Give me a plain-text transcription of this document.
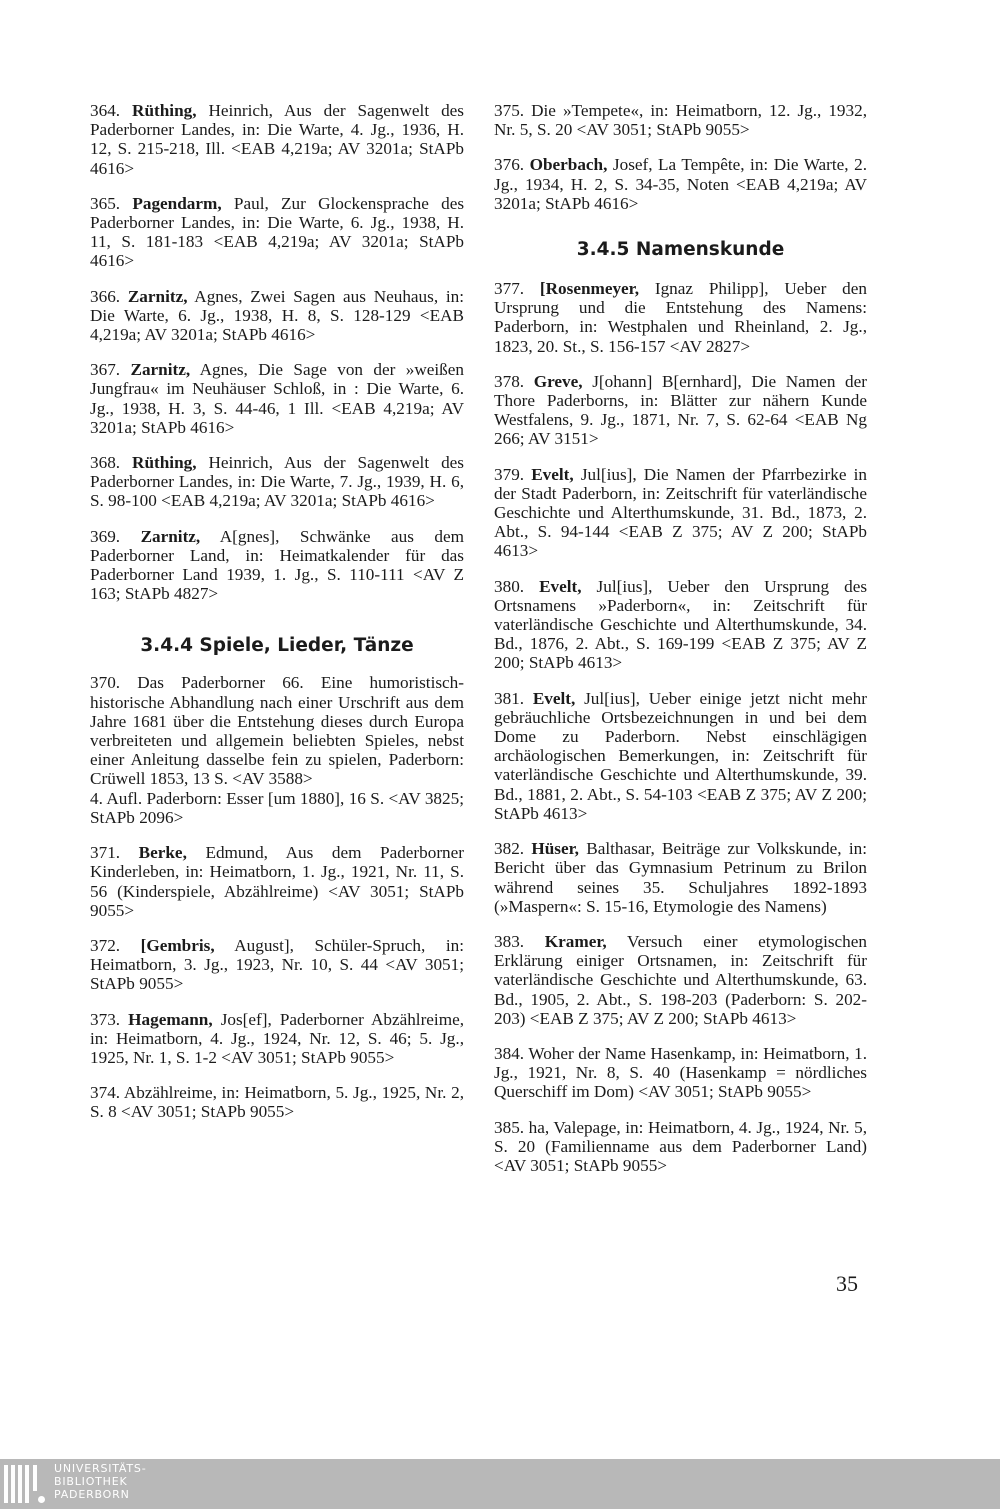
364. Rüthing, Heinrich, Aus der Sagenwelt des Paderborner Landes, in: Die Warte, 4. Jg., 1936, H. 12, S. 215-218, Ill. <EAB 4,219a; AV 3201a; StAPb 4616>

365. Pagendarm, Paul, Zur Glockensprache des Paderborner Landes, in: Die Warte, 6. Jg., 1938, H. 11, S. 181-183 <EAB 4,219a; AV 3201a; StAPb 4616>

366. Zarnitz, Agnes, Zwei Sagen aus Neuhaus, in: Die Warte, 6. Jg., 1938, H. 8, S. 128-129 <EAB 4,219a; AV 3201a; StAPb 4616>

367. Zarnitz, Agnes, Die Sage von der »weißen Jungfrau« im Neuhäuser Schloß, in : Die Warte, 6. Jg., 1938, H. 3, S. 44-46, 1 Ill. <EAB 4,219a; AV 3201a; StAPb 4616>

368. Rüthing, Heinrich, Aus der Sagenwelt des Paderborner Landes, in: Die Warte, 7. Jg., 1939, H. 6, S. 98-100 <EAB 4,219a; AV 3201a; StAPb 4616>

369. Zarnitz, A[gnes], Schwänke aus dem Paderborner Land, in: Heimatkalender für das Paderborner Land 1939, 1. Jg., S. 110-111 <AV Z 163; StAPb 4827>

3.4.4 Spiele, Lieder, Tänze

370. Das Paderborner 66. Eine humoristisch-historische Abhandlung nach einer Urschrift aus dem Jahre 1681 über die Entstehung dieses durch Europa verbreiteten und allgemein beliebten Spieles, nebst einer Anleitung dasselbe fein zu spielen, Paderborn: Crüwell 1853, 13 S. <AV 3588>

4. Aufl. Paderborn: Esser [um 1880], 16 S. <AV 3825; StAPb 2096>

371. Berke, Edmund, Aus dem Paderborner Kinderleben, in: Heimatborn, 1. Jg., 1921, Nr. 11, S. 56 (Kinderspiele, Abzählreime) <AV 3051; StAPb 9055>

372. [Gembris, August], Schüler-Spruch, in: Heimatborn, 3. Jg., 1923, Nr. 10, S. 44 <AV 3051; StAPb 9055>

373. Hagemann, Jos[ef], Paderborner Abzählreime, in: Heimatborn, 4. Jg., 1924, Nr. 12, S. 46; 5. Jg., 1925, Nr. 1, S. 1-2 <AV 3051; StAPb 9055>

374. Abzählreime, in: Heimatborn, 5. Jg., 1925, Nr. 2, S. 8 <AV 3051; StAPb 9055>

375. Die »Tempete«, in: Heimatborn, 12. Jg., 1932, Nr. 5, S. 20 <AV 3051; StAPb 9055>

376. Oberbach, Josef, La Tempête, in: Die Warte, 2. Jg., 1934, H. 2, S. 34-35, Noten <EAB 4,219a; AV 3201a; StAPb 4616>

3.4.5 Namenskunde

377. [Rosenmeyer, Ignaz Philipp], Ueber den Ursprung und die Entstehung des Namens: Paderborn, in: Westphalen und Rheinland, 2. Jg., 1823, 20. St., S. 156-157 <AV 2827>

378. Greve, J[ohann] B[ernhard], Die Namen der Thore Paderborns, in: Blätter zur nähern Kunde Westfalens, 9. Jg., 1871, Nr. 7, S. 62-64 <EAB Ng 266; AV 3151>

379. Evelt, Jul[ius], Die Namen der Pfarrbezirke in der Stadt Paderborn, in: Zeitschrift für vaterländische Geschichte und Alterthumskunde, 31. Bd., 1873, 2. Abt., S. 94-144 <EAB Z 375; AV Z 200; StAPb 4613>

380. Evelt, Jul[ius], Ueber den Ursprung des Ortsnamens »Paderborn«, in: Zeitschrift für vaterländische Geschichte und Alterthumskunde, 34. Bd., 1876, 2. Abt., S. 169-199 <EAB Z 375; AV Z 200; StAPb 4613>

381. Evelt, Jul[ius], Ueber einige jetzt nicht mehr gebräuchliche Ortsbezeichnungen in und bei dem Dome zu Paderborn. Nebst einschlägigen archäologischen Bemerkungen, in: Zeitschrift für vaterländische Geschichte und Alterthumskunde, 39. Bd., 1881, 2. Abt., S. 54-103 <EAB Z 375; AV Z 200; StAPb 4613>

382. Hüser, Balthasar, Beiträge zur Volkskunde, in: Bericht über das Gymnasium Petrinum zu Brilon während seines 35. Schuljahres 1892-1893 (»Maspern«: S. 15-16, Etymologie des Namens)

383. Kramer, Versuch einer etymologischen Erklärung einiger Ortsnamen, in: Zeitschrift für vaterländische Geschichte und Alterthumskunde, 63. Bd., 1905, 2. Abt., S. 198-203 (Paderborn: S. 202-203) <EAB Z 375; AV Z 200; StAPb 4613>

384. Woher der Name Hasenkamp, in: Heimatborn, 1. Jg., 1921, Nr. 8, S. 40 (Hasenkamp = nördliches Querschiff im Dom) <AV 3051; StAPb 9055>

385. ha, Valepage, in: Heimatborn, 4. Jg., 1924, Nr. 5, S. 20 (Familienname aus dem Paderborner Land) <AV 3051; StAPb 9055>

35
UNIVERSITÄTS-
BIBLIOTHEK
PADERBORN
